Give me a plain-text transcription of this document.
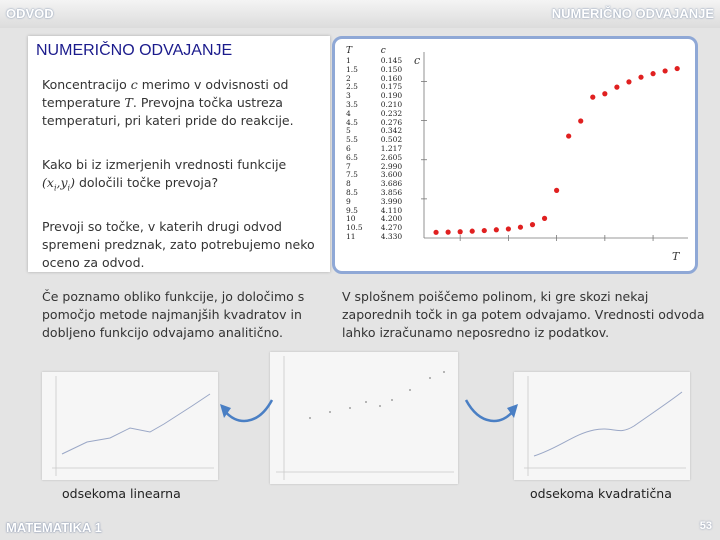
ODVOD	NUMERIČNO ODVAJANJE
NUMERIČNO ODVAJANJE
Koncentracijo c merimo v odvisnosti od temperature T. Prevojna točka ustreza temperaturi, pri kateri pride do reakcije.
Kako bi iz izmerjenih vrednosti funkcije $(x_i,y_i)$ določili točke prevoja?
Prevoji so točke, v katerih drugi odvod spremeni predznak, zato potrebujemo neko oceno za odvod.
T	c
1	0.145
1.5	0.150
2	0.160
2.5	0.175
3	0.190
3.5	0.210
4	0.232
4.5	0.276
5	0.342
5.5	0.502
6	1.217
6.5	2.605
7	2.990
7.5	3.600
8	3.686
8.5	3.856
9	3.990
9.5	4.110
10	4.200
10.5	4.270
11	4.330
c
T
Če poznamo obliko funkcije, jo določimo s pomočjo metode najmanjših kvadratov in dobljeno funkcijo odvajamo analitično.
V splošnem poiščemo polinom, ki gre skozi nekaj zaporednih točk in ga potem odvajamo. Vrednosti odvoda lahko izračunamo neposredno iz podatkov.
odsekoma linearna	odsekoma kvadratična
MATEMATIKA 1	53
